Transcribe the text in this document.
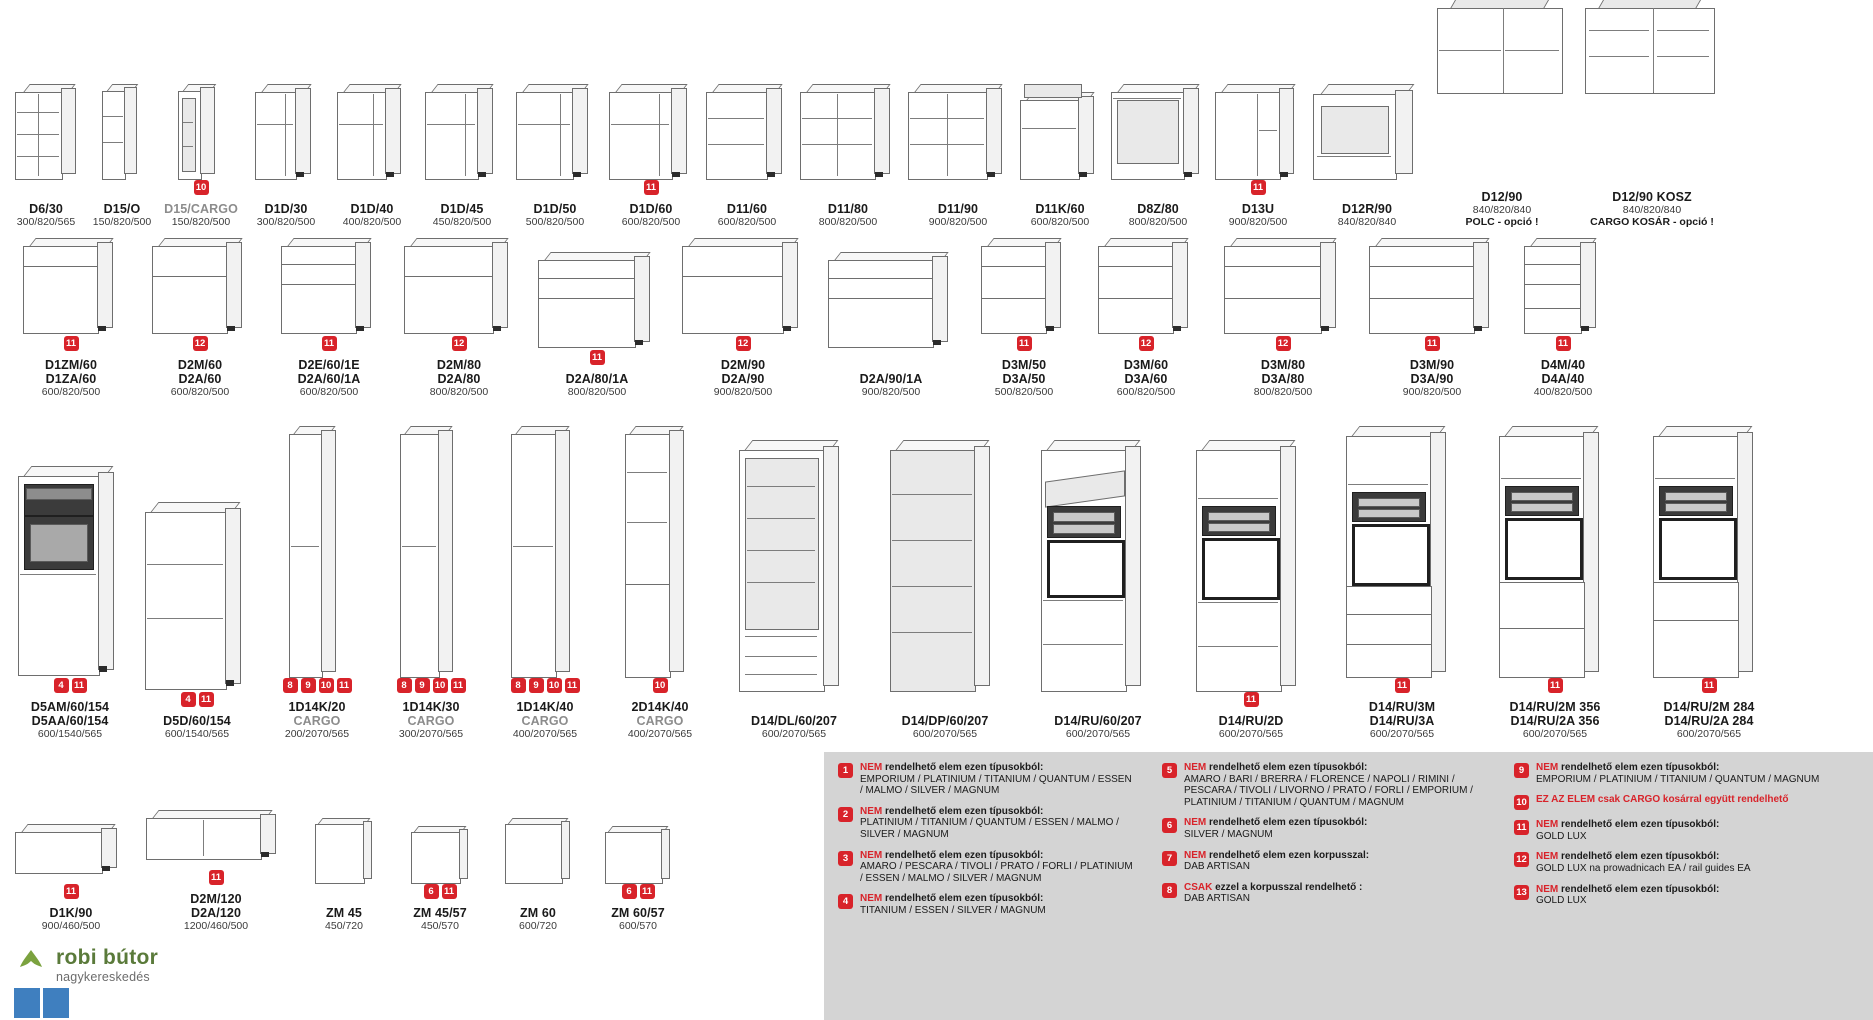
D6/30
300/820/565
D15/O
150/820/500
10
D15/CARGO
150/820/500
D1D/30
300/820/500
D1D/40
400/820/500
D1D/45
450/820/500
D1D/50
500/820/500
11
D1D/60
600/820/500
D11/60
600/820/500
D11/80
800/820/500
D11/90
900/820/500
D11K/60
600/820/500
D8Z/80
800/820/500
11
D13U
900/820/500
D12R/90
840/820/840
D12/90
840/820/840
POLC - opció !
D12/90 KOSZ
840/820/840
CARGO KOSÁR - opció !
11
D1ZM/60
D1ZA/60
600/820/500
12
D2M/60
D2A/60
600/820/500
11
D2E/60/1E
D2A/60/1A
600/820/500
12
D2M/80
D2A/80
800/820/500
11
D2A/80/1A
800/820/500
12
D2M/90
D2A/90
900/820/500
D2A/90/1A
900/820/500
11
D3M/50
D3A/50
500/820/500
12
D3M/60
D3A/60
600/820/500
12
D3M/80
D3A/80
800/820/500
11
D3M/90
D3A/90
900/820/500
11
D4M/40
D4A/40
400/820/500
4	11
D5AM/60/154
D5AA/60/154
600/1540/565
4	11
D5D/60/154
600/1540/565
8	9	10 11
1D14K/20
CARGO
200/2070/565
8	9	10 11
1D14K/30
CARGO
300/2070/565
8	9	10 11
1D14K/40
CARGO
400/2070/565
10
2D14K/40
CARGO
400/2070/565
D14/DL/60/207
600/2070/565
D14/DP/60/207
600/2070/565
D14/RU/60/207
600/2070/565
11
D14/RU/2D
600/2070/565
11
D14/RU/3M
D14/RU/3A
600/2070/565
11
D14/RU/2M 356
D14/RU/2A 356
600/2070/565
11
D14/RU/2M 284
D14/RU/2A 284
600/2070/565
11
D1K/90
900/460/500
11
D2M/120
D2A/120
1200/460/500
ZM 45
450/720
6	11
ZM 45/57
450/570
ZM 60
600/720
6	11
ZM 60/57
600/570
1	NEM rendelhető elem ezen típusokból:
EMPORIUM / PLATINIUM / TITANIUM / QUANTUM / ESSEN / MALMO / SILVER / MAGNUM
2	NEM rendelhető elem ezen típusokból:
PLATINIUM / TITANIUM / QUANTUM / ESSEN / MALMO / SILVER / MAGNUM
3	NEM rendelhető elem ezen típusokból:
AMARO / PESCARA / TIVOLI / PRATO / FORLI / PLATINIUM / ESSEN / MALMO / SILVER / MAGNUM
4	NEM rendelhető elem ezen típusokból:
TITANIUM / ESSEN / SILVER / MAGNUM
5	NEM rendelhető elem ezen típusokból:
AMARO / BARI / BRERRA / FLORENCE / NAPOLI / RIMINI / PESCARA / TIVOLI / LIVORNO / PRATO / FORLI / EMPORIUM / PLATINIUM / TITANIUM / QUANTUM / MAGNUM
6	NEM rendelhető elem ezen típusokból:
SILVER / MAGNUM
7	NEM rendelhető elem ezen korpusszal:
DAB ARTISAN
8	CSAK ezzel a korpusszal rendelhető :
DAB ARTISAN
9	NEM rendelhető elem ezen típusokból:
EMPORIUM / PLATINIUM / TITANIUM / QUANTUM / MAGNUM
10 EZ AZ ELEM csak CARGO kosárral együtt rendelhető
11 NEM rendelhető elem ezen típusokból:
GOLD LUX
12 NEM rendelhető elem ezen típusokból:
GOLD LUX na prowadnicach EA / rail guides EA
13 NEM rendelhető elem ezen típusokból:
GOLD LUX
robi bútor
nagykereskedés
